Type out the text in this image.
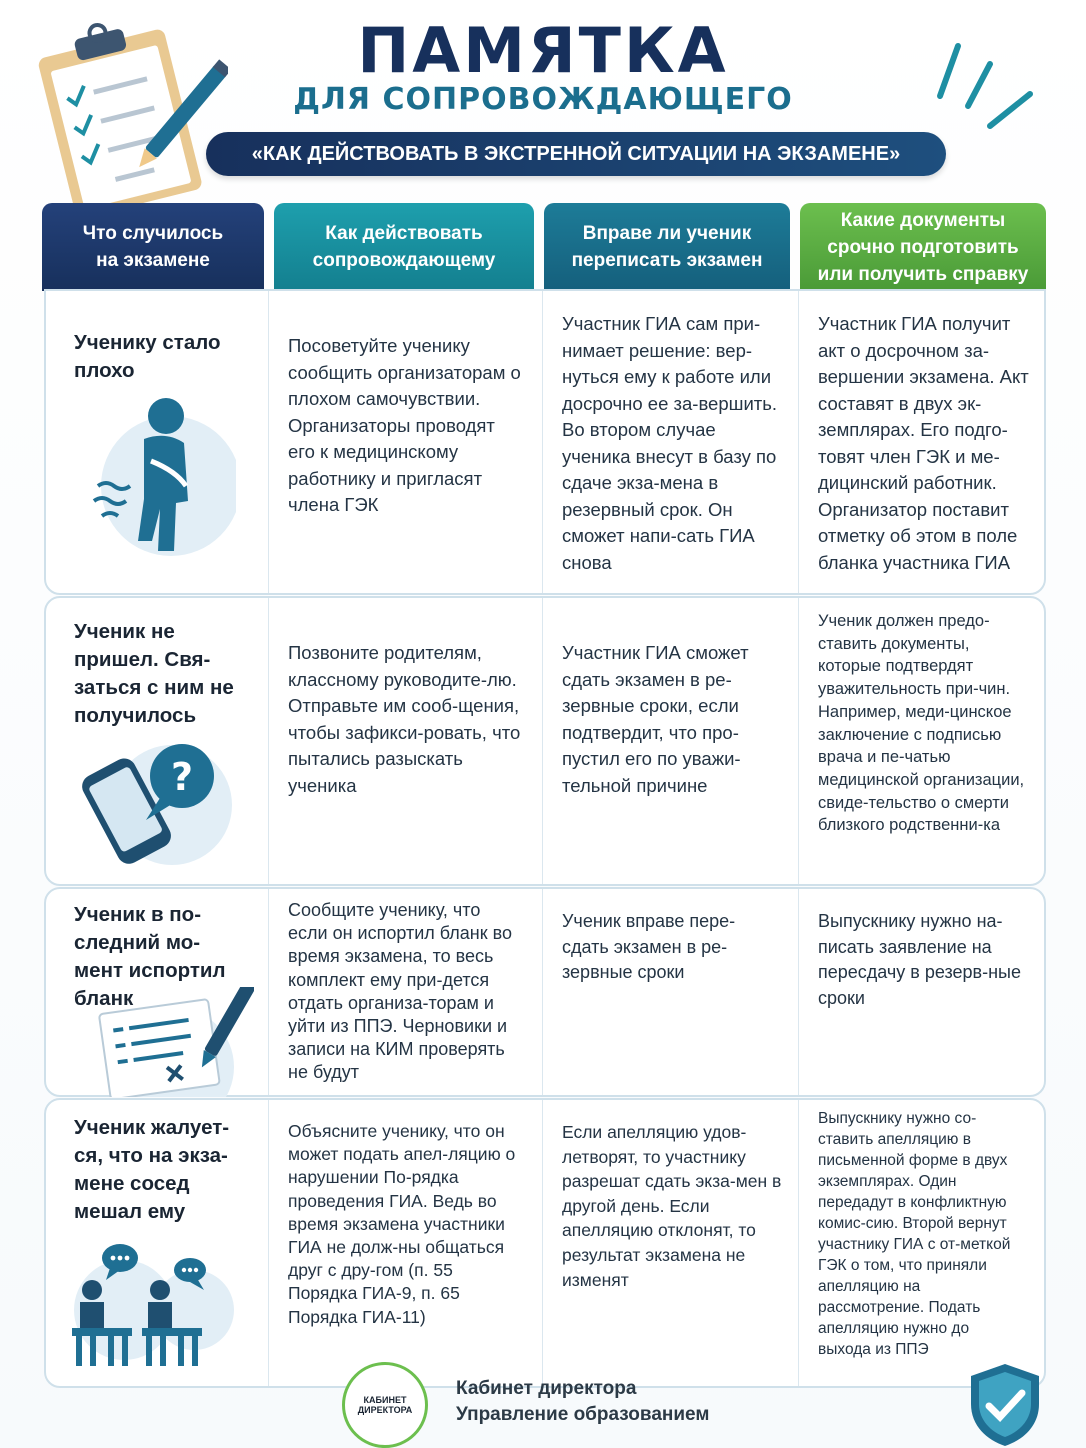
ПАМЯТКА
ДЛЯ СОПРОВОЖДАЮЩЕГО
«КАК ДЕЙСТВОВАТЬ В ЭКСТРЕННОЙ СИТУАЦИИ НА ЭКЗАМЕНЕ»
Что случилось
на экзамене
Как действовать
сопровождающему
Вправе ли ученик
переписать экзамен
Какие документы
срочно подготовить
или получить справку
Ученику стало плохо
Посоветуйте ученику сообщить организаторам о плохом самочувствии. Организаторы проводят его к медицинскому работнику и пригласят члена ГЭК
Участник ГИА сам при-нимает решение: вер-нуться ему к работе или досрочно ее за-вершить. Во втором случае ученика внесут в базу по сдаче экза-мена в резервный срок. Он сможет напи-сать ГИА снова
Участник ГИА получит акт о досрочном за-вершении экзамена. Акт составят в двух эк-земплярах. Его подго-товят член ГЭК и ме-дицинский работник. Организатор поставит отметку об этом в поле бланка участника ГИА
Ученик не пришел. Свя-заться с ним не получилось
?
Позвоните родителям, классному руководите-лю. Отправьте им сооб-щения, чтобы зафикси-ровать, что пытались разыскать ученика
Участник ГИА сможет сдать экзамен в ре-зервные сроки, если подтвердит, что про-пустил его по уважи-тельной причине
Ученик должен предо-ставить документы, которые подтвердят уважительность при-чин. Например, меди-цинское заключение с подписью врача и пе-чатью медицинской организации, свиде-тельство о смерти близкого родственни-ка
Ученик в по-следний мо-мент испортил бланк
Сообщите ученику, что если он испортил бланк во время экзамена, то весь комплект ему при-дется отдать организа-торам и уйти из ППЭ. Черновики и записи на КИМ проверять не будут
Ученик вправе пере-сдать экзамен в ре-зервные сроки
Выпускнику нужно на-писать заявление на пересдачу в резерв-ные сроки
Ученик жалует-ся, что на экза-мене сосед мешал ему
Объясните ученику, что он может подать апел-ляцию о нарушении По-рядка проведения ГИА. Ведь во время экзамена участники ГИА не долж-ны общаться друг с дру-гом (п. 55 Порядка ГИА-9, п. 65 Порядка ГИА-11)
Если апелляцию удов-летворят, то участнику разрешат сдать экза-мен в другой день. Если апелляцию отклонят, то результат экзамена не изменят
Выпускнику нужно со-ставить апелляцию в письменной форме в двух экземплярах. Один передадут в конфликтную комис-сию. Второй вернут участнику ГИА с от-меткой ГЭК о том, что приняли апелляцию на рассмотрение. Подать апелляцию нужно до выхода из ППЭ
КАБИНЕТ
ДИРЕКТОРА
Кабинет директора
Управление образованием
